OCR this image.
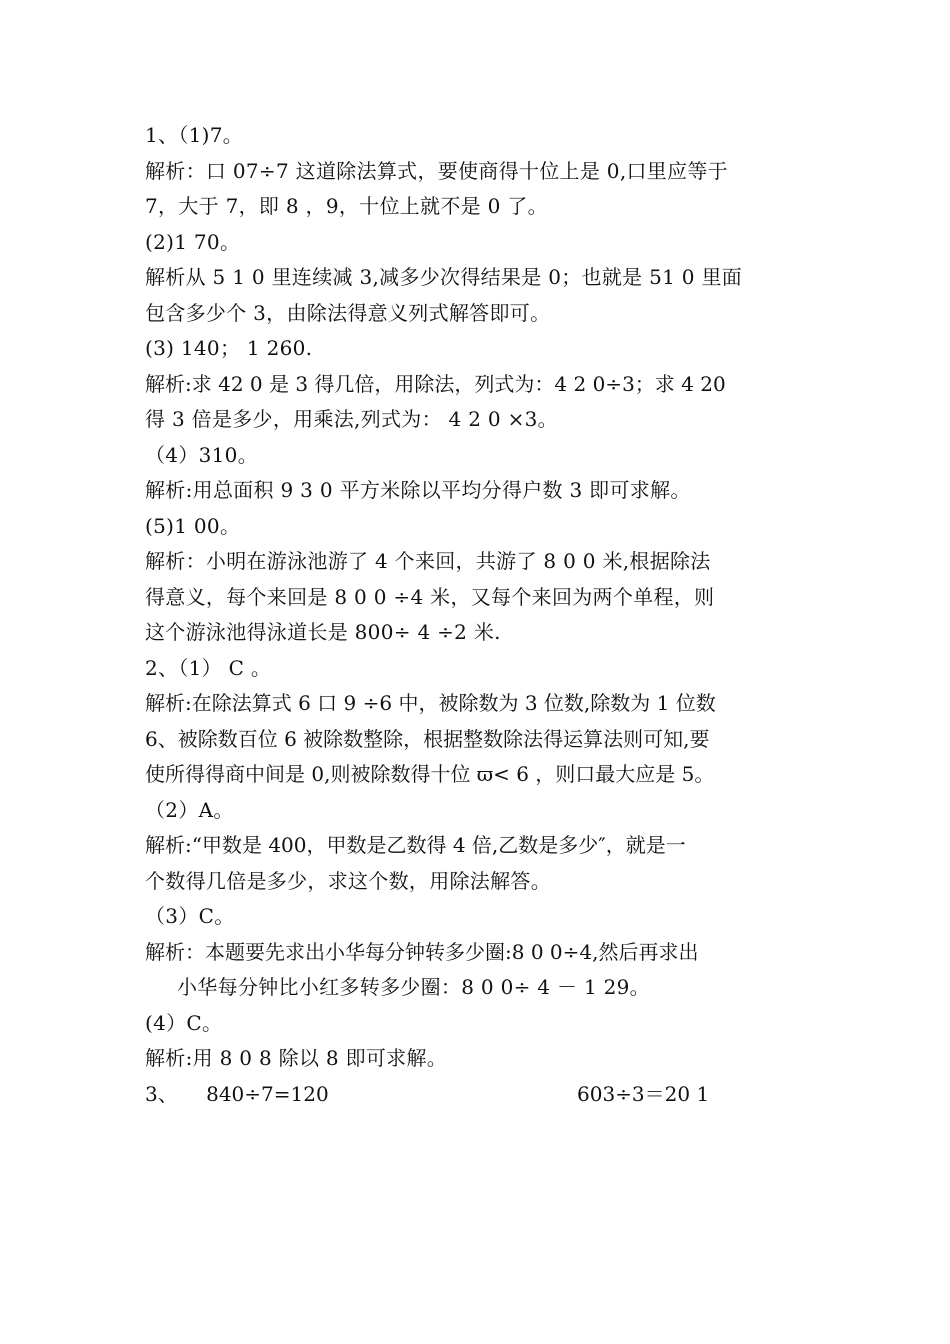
1、（1)7。
解析：口 07÷7 这道除法算式，要使商得十位上是 0,口里应等于
7，大于 7，即 8 ，9，十位上就不是 0 了。
(2)1 70。
解析从 5 1 0 里连续减 3,减多少次得结果是 0；也就是 51 0 里面
包含多少个 3，由除法得意义列式解答即可。
(3) 140； 1 260.
解析:求 42 0 是 3 得几倍，用除法，列式为：4 2 0÷3；求 4 20
得 3 倍是多少，用乘法,列式为： 4 2 0 ×3。
（4）310。
解析:用总面积 9 3 0 平方米除以平均分得户数 3 即可求解。
(5)1 00。
解析：小明在游泳池游了 4 个来回，共游了 8 0 0 米,根据除法
得意义，每个来回是 8 0 0 ÷4 米，又每个来回为两个单程，则
这个游泳池得泳道长是 800÷ 4 ÷2 米.
2、（1） C 。
解析:在除法算式 6 口 9 ÷6 中，被除数为 3 位数,除数为 1 位数
6、被除数百位 6 被除数整除，根据整数除法得运算法则可知,要
使所得得商中间是 0,则被除数得十位 ϖ< 6 ，则口最大应是 5。
（2）A。
解析:“甲数是 400，甲数是乙数得 4 倍,乙数是多少″，就是一
个数得几倍是多少，求这个数，用除法解答。
（3）C。
解析：本题要先求出小华每分钟转多少圈:8 0 0÷4,然后再求出
小华每分钟比小红多转多少圈：8 0 0÷ 4 － 1 29。
(4）C。
解析:用 8 0 8 除以 8 即可求解。
3、 840÷7=120	603÷3＝20 1
